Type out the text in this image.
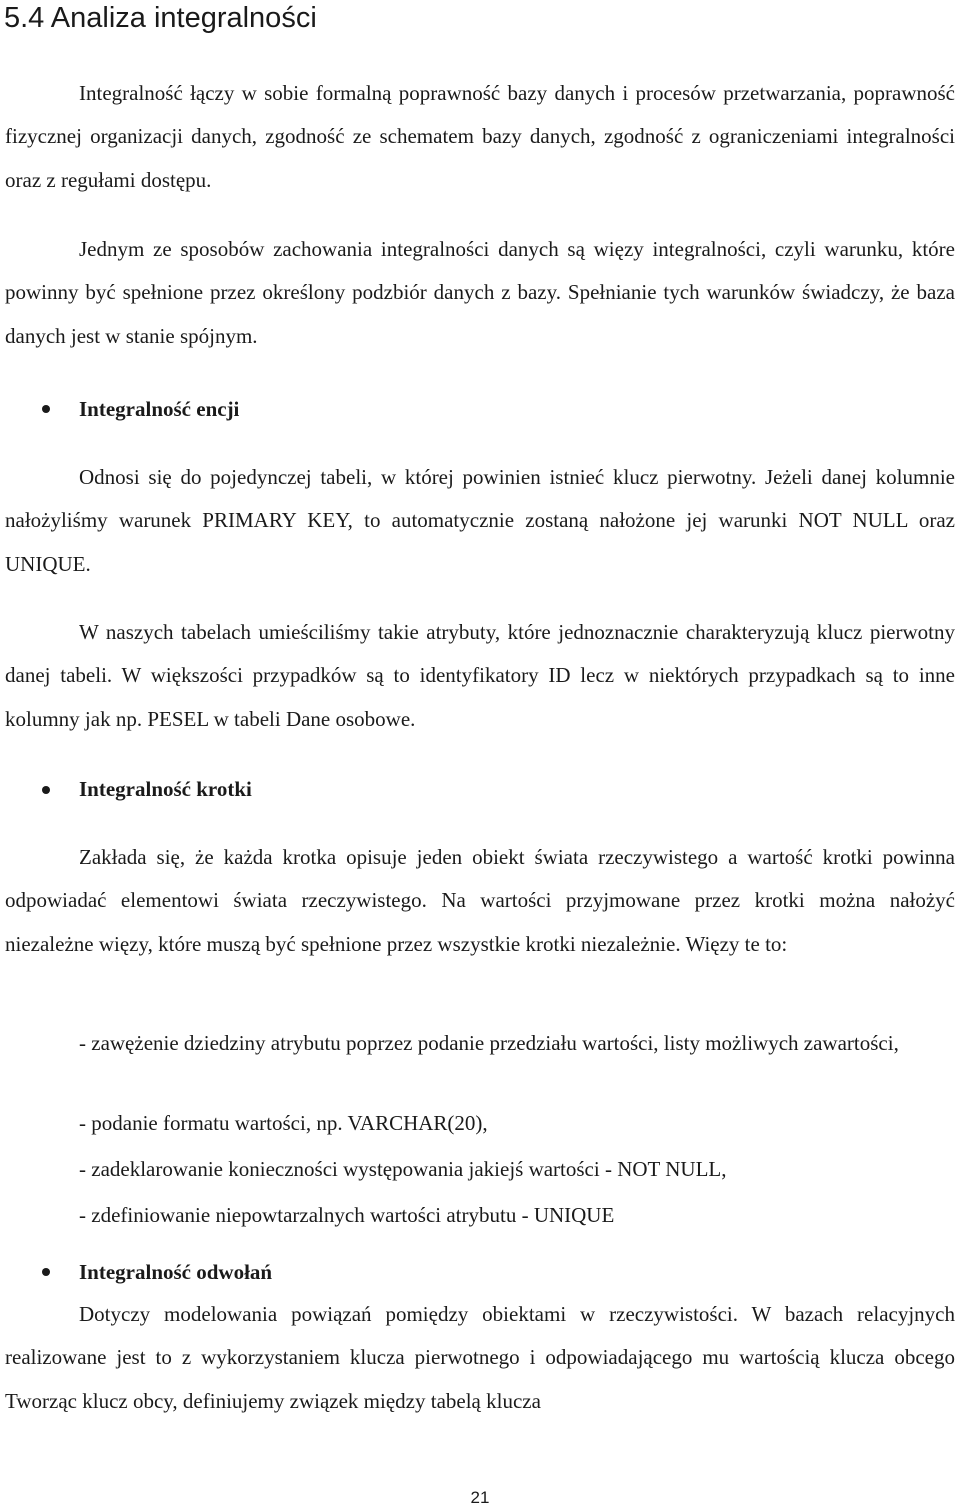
5.4 Analiza integralności

Integralność łączy w sobie formalną poprawność bazy danych i procesów przetwarzania, poprawność fizycznej organizacji danych, zgodność ze schematem bazy danych, zgodność z ograniczeniami integralności oraz z regułami dostępu.

Jednym ze sposobów zachowania integralności danych są więzy integralności, czyli warunku, które powinny być spełnione przez określony podzbiór danych z bazy. Spełnianie tych warunków świadczy, że baza danych jest w stanie spójnym.

Integralność encji

Odnosi się do pojedynczej tabeli, w której powinien istnieć klucz pierwotny. Jeżeli danej kolumnie nałożyliśmy warunek PRIMARY KEY, to automatycznie zostaną nałożone jej warunki NOT NULL oraz UNIQUE.

W naszych tabelach umieściliśmy takie atrybuty, które jednoznacznie charakteryzują klucz pierwotny danej tabeli. W większości przypadków są to identyfikatory ID lecz w niektórych przypadkach są to inne kolumny jak np. PESEL w tabeli Dane osobowe.

Integralność krotki

Zakłada się, że każda krotka opisuje jeden obiekt świata rzeczywistego a wartość krotki powinna odpowiadać elementowi świata rzeczywistego. Na wartości przyjmowane przez krotki można nałożyć niezależne więzy, które muszą być spełnione przez wszystkie krotki niezależnie. Więzy te to:

- zawężenie dziedziny atrybutu poprzez podanie przedziału wartości, listy możliwych zawartości,

- podanie formatu wartości, np. VARCHAR(20),

- zadeklarowanie konieczności występowania jakiejś wartości - NOT NULL,

- zdefiniowanie niepowtarzalnych wartości atrybutu - UNIQUE

Integralność odwołań

Dotyczy modelowania powiązań pomiędzy obiektami w rzeczywistości. W bazach relacyjnych realizowane jest to z wykorzystaniem klucza pierwotnego i odpowiadającego mu wartością klucza obcego Tworząc klucz obcy, definiujemy związek między tabelą klucza

21
